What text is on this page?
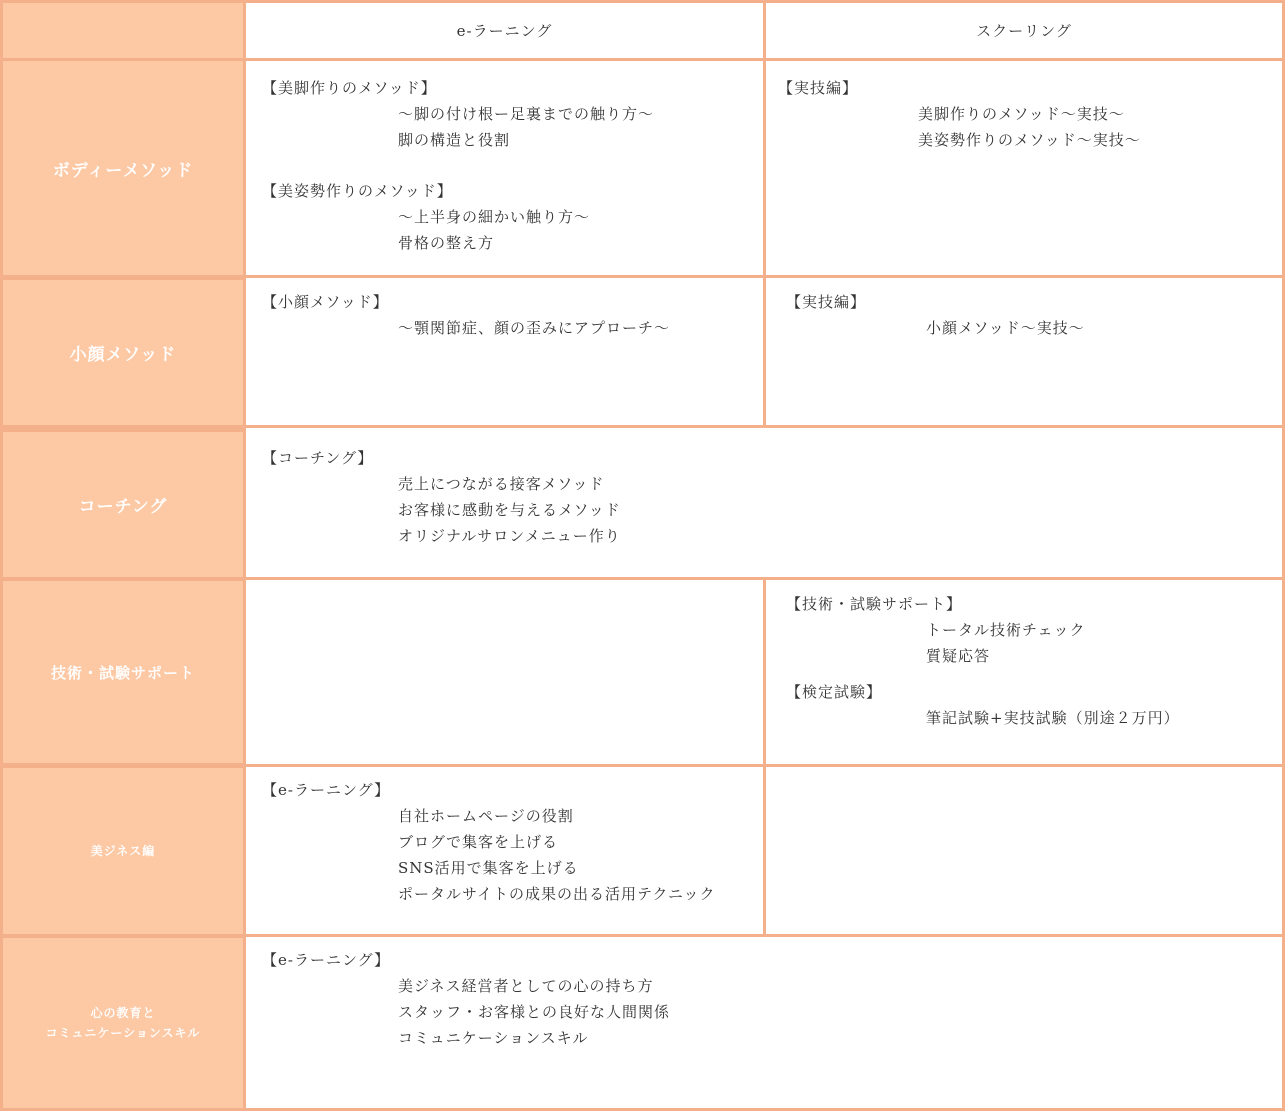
e-ラーニング	スクーリング
ボディーメソッド
【美脚作りのメソッド】
～脚の付け根ー足裏までの触り方～
脚の構造と役割
【美姿勢作りのメソッド】
～上半身の細かい触り方～
骨格の整え方
【実技編】
美脚作りのメソッド～実技～
美姿勢作りのメソッド～実技～
小顔メソッド
【小顔メソッド】
～顎関節症、顔の歪みにアプローチ～
【実技編】
小顔メソッド～実技～
コーチング
【コーチング】
売上につながる接客メソッド
お客様に感動を与えるメソッド
オリジナルサロンメニュー作り
技術・試験サポート
【技術・試験サポート】
トータル技術チェック
質疑応答
【検定試験】
筆記試験+実技試験（別途２万円）
美ジネス編
【e-ラーニング】
自社ホームページの役割
ブログで集客を上げる
SNS活用で集客を上げる
ポータルサイトの成果の出る活用テクニック
心の教育と
コミュニケーションスキル
【e-ラーニング】
美ジネス経営者としての心の持ち方
スタッフ・お客様との良好な人間関係
コミュニケーションスキル
